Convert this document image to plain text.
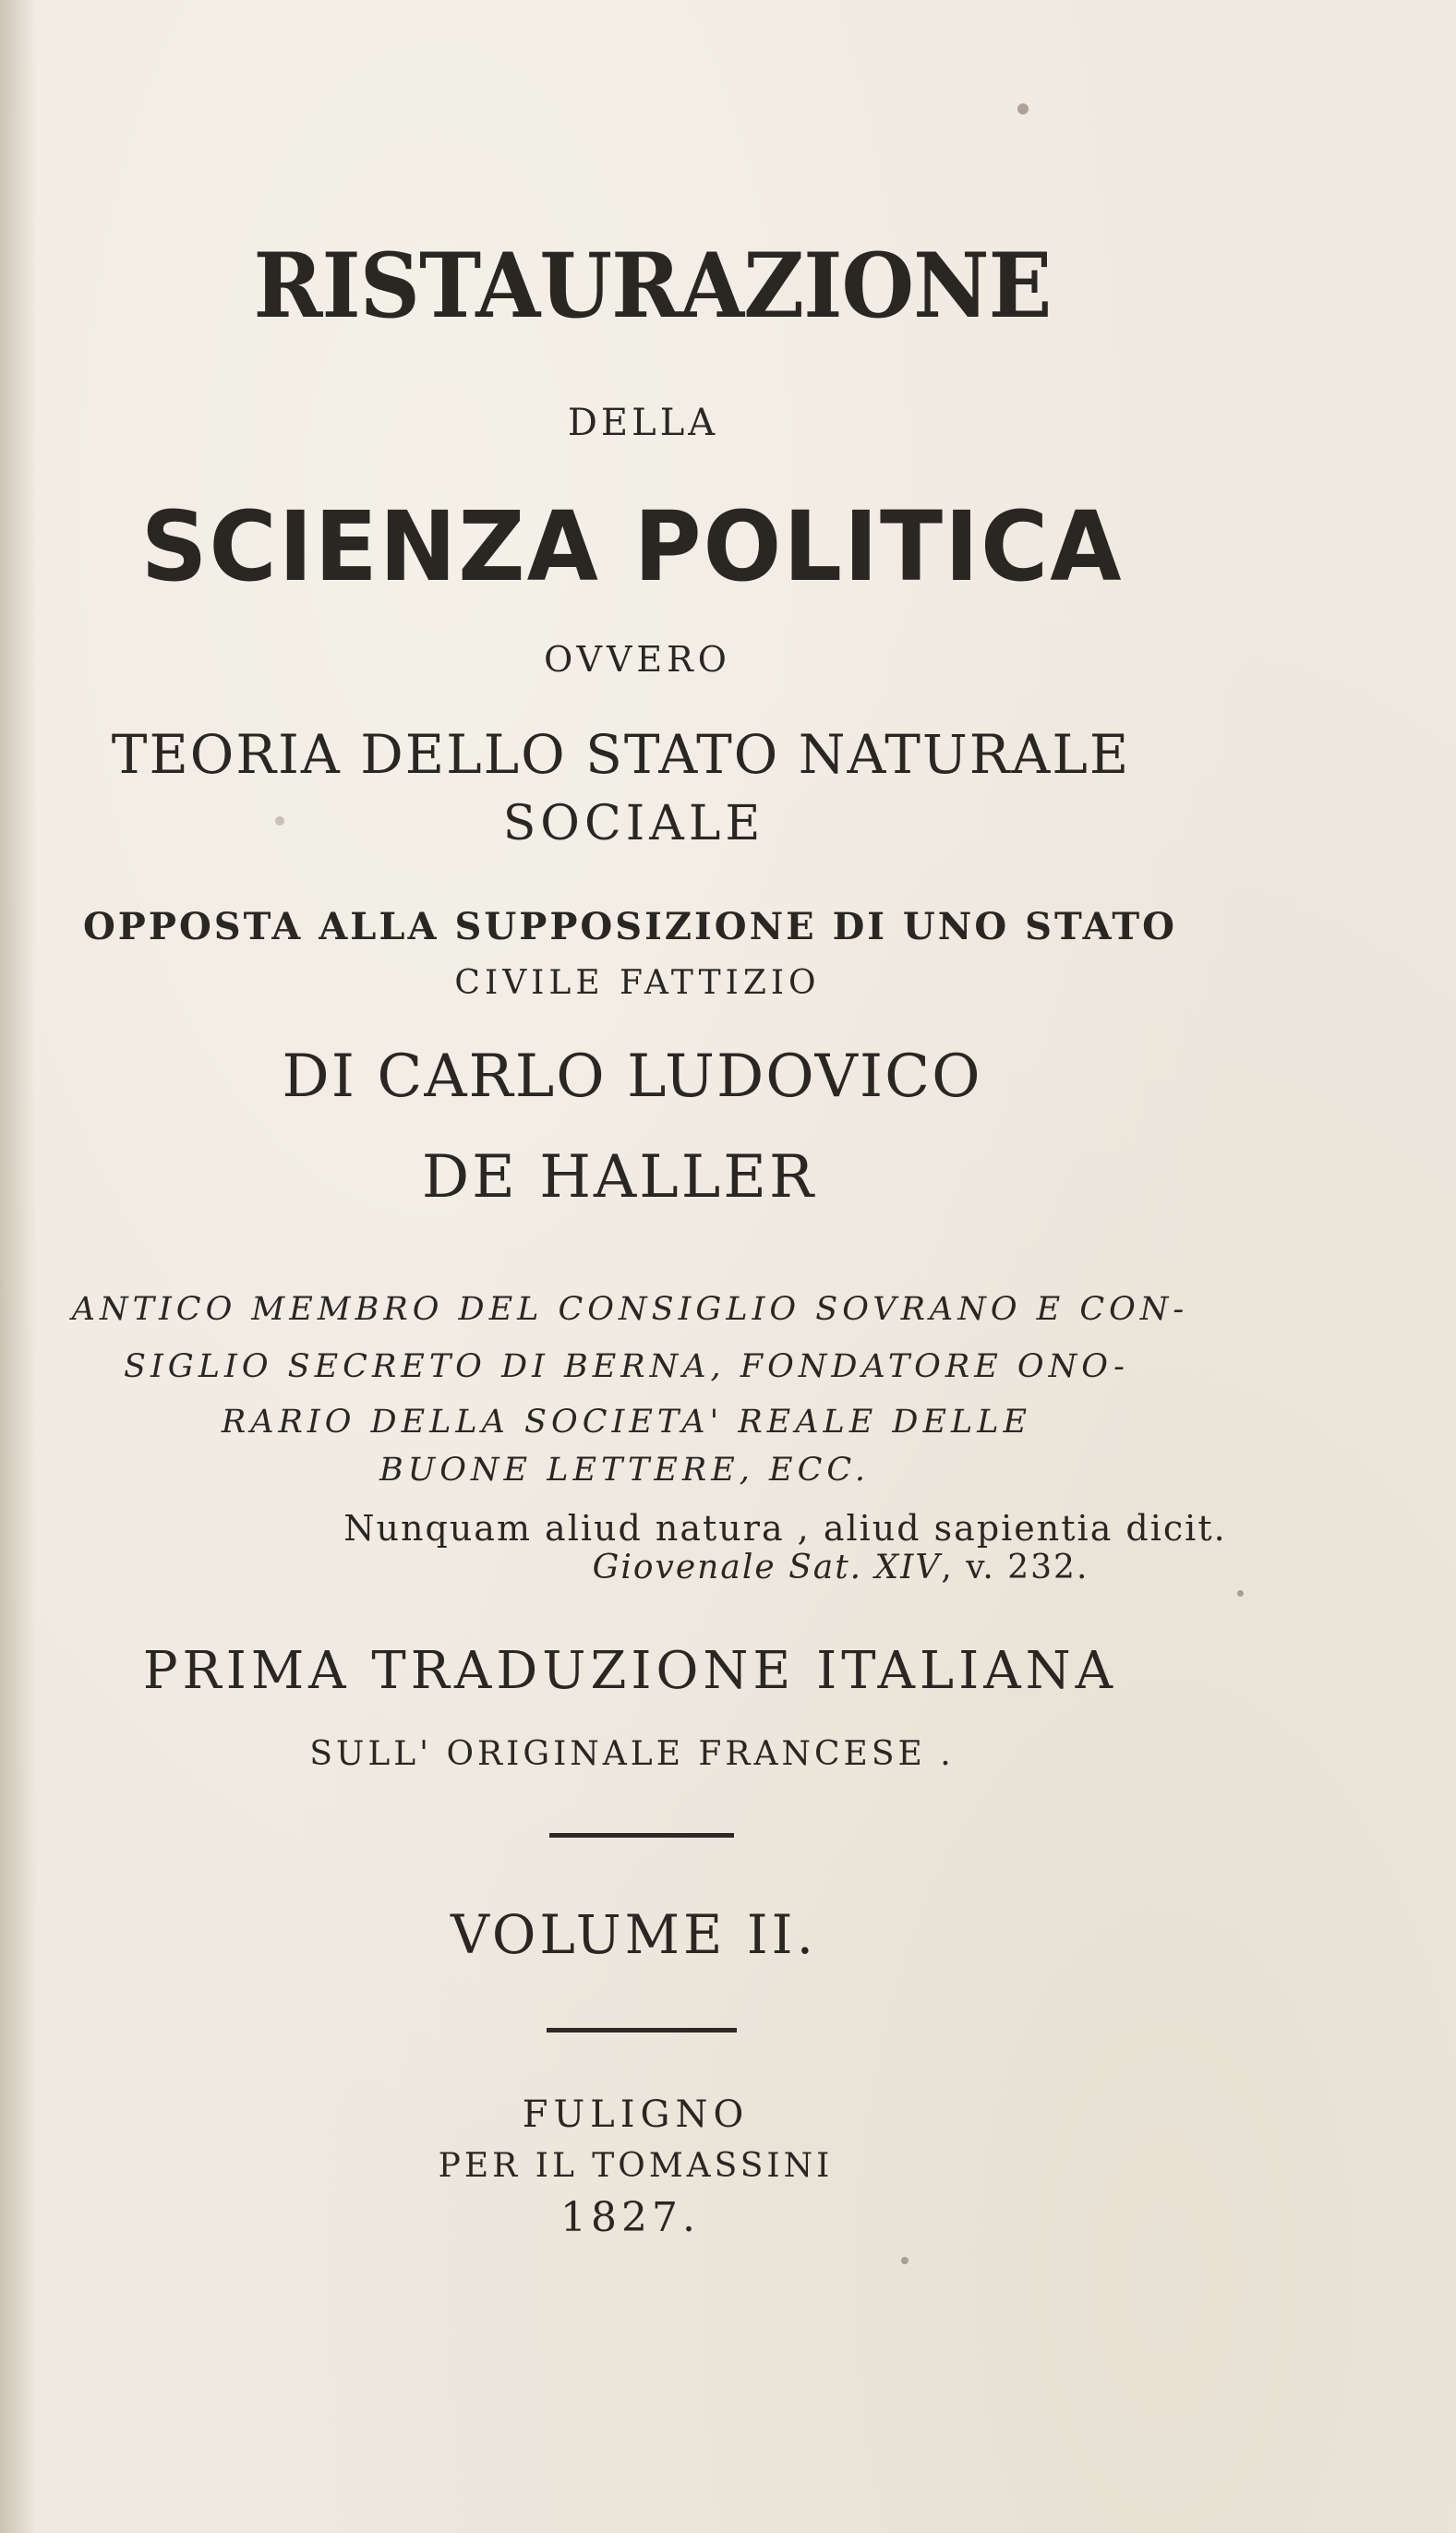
RISTAURAZIONE

DELLA

SCIENZA POLITICA

OVVERO

TEORIA DELLO STATO NATURALE

SOCIALE

OPPOSTA ALLA SUPPOSIZIONE DI UNO STATO

CIVILE FATTIZIO

DI CARLO LUDOVICO

DE HALLER

ANTICO MEMBRO DEL CONSIGLIO SOVRANO E CON-

SIGLIO SECRETO DI BERNA, FONDATORE ONO-

RARIO DELLA SOCIETA' REALE DELLE

BUONE LETTERE, ECC.

Nunquam aliud natura , aliud sapientia dicit.

Giovenale Sat. XIV, v. 232.

PRIMA TRADUZIONE ITALIANA

SULL' ORIGINALE FRANCESE .

VOLUME II.

FULIGNO

PER IL TOMASSINI

1827.
